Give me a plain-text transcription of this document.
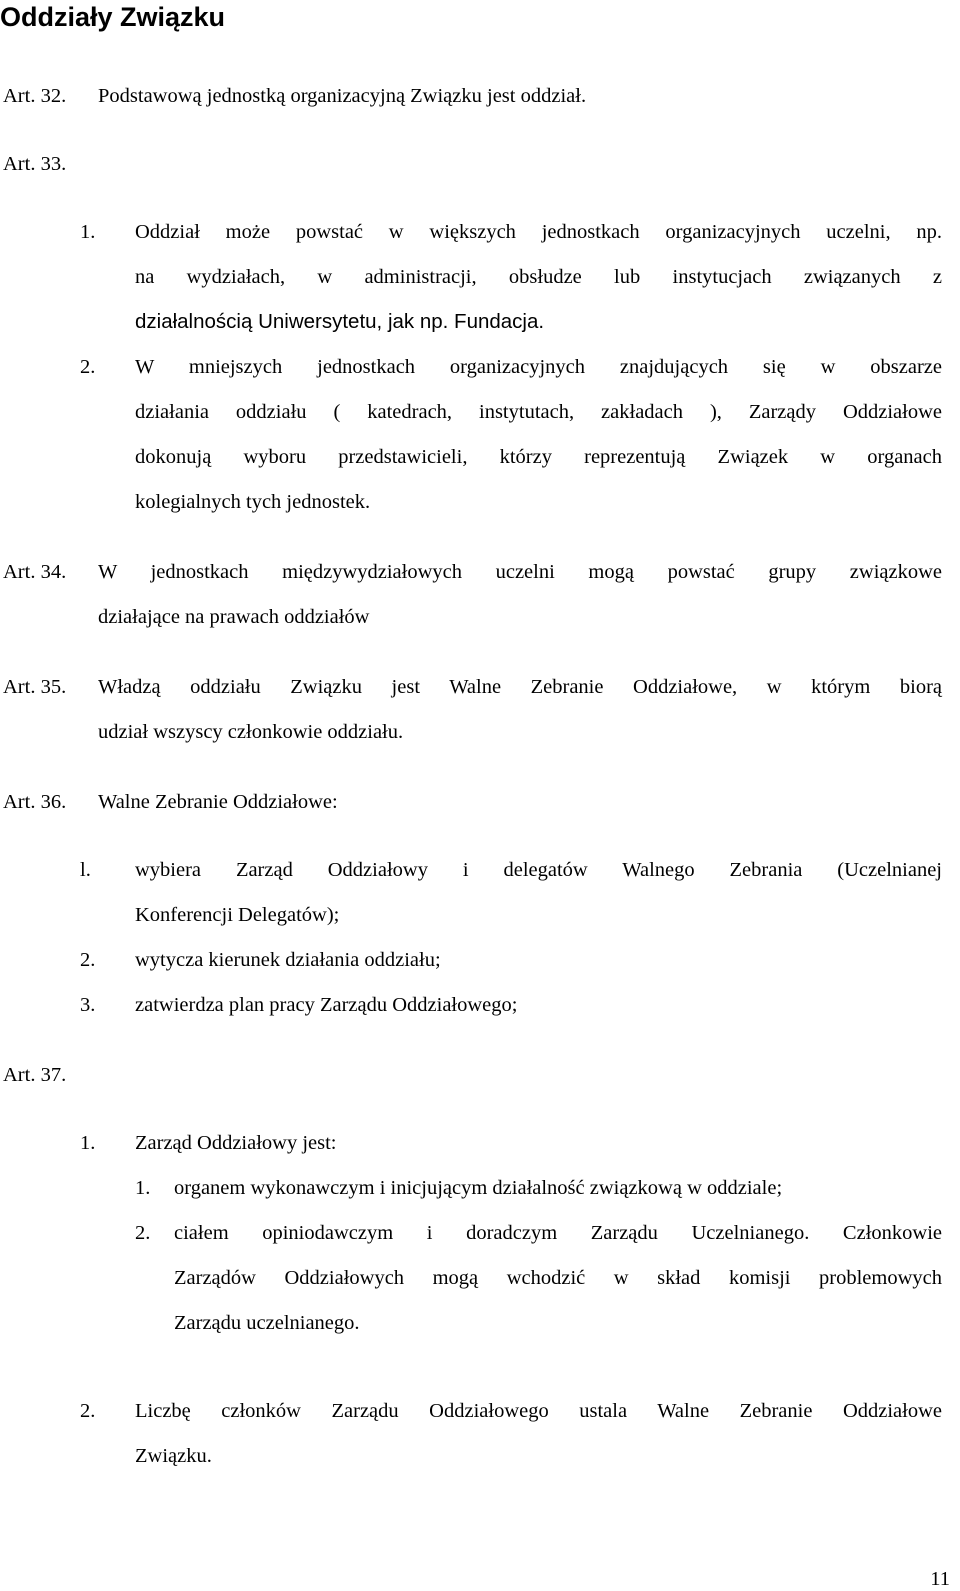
Oddziały Związku
Art. 32. Podstawową jednostką organizacyjną Związku jest oddział.
Art. 33.
1. Oddział może powstać w większych jednostkach organizacyjnych uczelni, np.
na wydziałach, w administracji, obsłudze lub instytucjach związanych z
działalnością Uniwersytetu, jak np. Fundacja.
2. W mniejszych jednostkach organizacyjnych znajdujących się w obszarze
działania oddziału ( katedrach, instytutach, zakładach ), Zarządy Oddziałowe
dokonują wyboru przedstawicieli, którzy reprezentują Związek w organach
kolegialnych tych jednostek.
Art. 34. W jednostkach międzywydziałowych uczelni mogą powstać grupy związkowe
działające na prawach oddziałów
Art. 35. Władzą oddziału Związku jest Walne Zebranie Oddziałowe, w którym biorą
udział wszyscy członkowie oddziału.
Art. 36. Walne Zebranie Oddziałowe:
l. wybiera Zarząd Oddziałowy i delegatów Walnego Zebrania (Uczelnianej
Konferencji Delegatów);
2. wytycza kierunek działania oddziału;
3. zatwierdza plan pracy Zarządu Oddziałowego;
Art. 37.
1. Zarząd Oddziałowy jest:
1. organem wykonawczym i inicjującym działalność związkową w oddziale;
2. ciałem opiniodawczym i doradczym Zarządu Uczelnianego. Członkowie
Zarządów Oddziałowych mogą wchodzić w skład komisji problemowych
Zarządu uczelnianego.
2. Liczbę członków Zarządu Oddziałowego ustala Walne Zebranie Oddziałowe
Związku.
11
